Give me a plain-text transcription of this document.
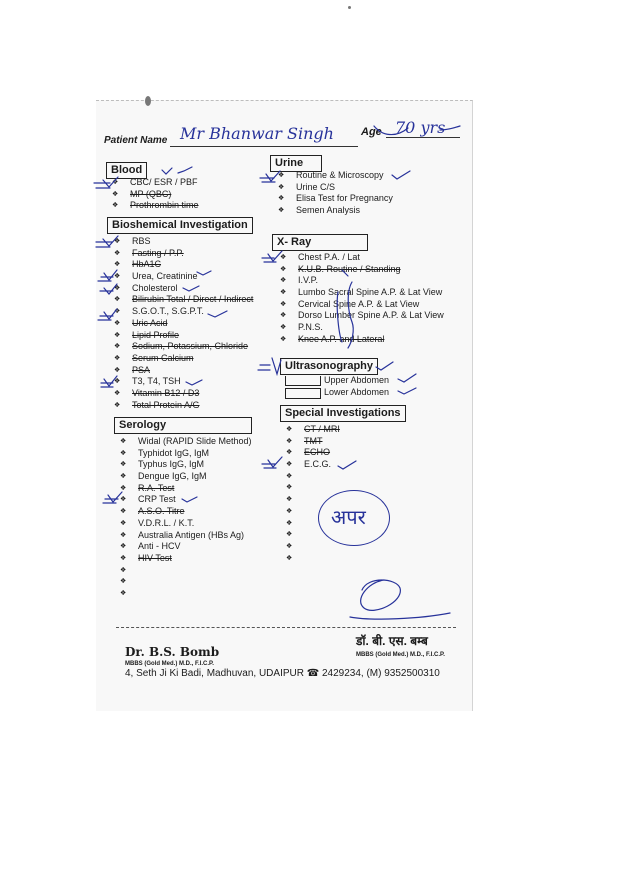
Patient Name Mr Bhanwar Singh Age 70 yrs
Blood
❖ CBC/ ESR / PBF
❖ MP (QBC)
❖ Prothrombin time
Bioshemical Investigation
❖ RBS
❖ Fasting / P.P.
❖ HbA1C
❖ Urea, Creatinine
❖ Cholesterol
❖ Bilirubin Total / Direct / Indirect
❖ S.G.O.T., S.G.P.T.
❖ Uric Acid
❖ Lipid Profile
❖ Sodium, Potassium, Chloride
❖ Serum Calcium
❖ PSA
❖ T3, T4, TSH
❖ Vitamin B12 / D3
❖ Total Protein A/G
Serology
❖ Widal (RAPID Slide Method)
❖ Typhidot IgG, IgM
❖ Typhus IgG, IgM
❖ Dengue IgG, IgM
❖ R.A. Test
❖ CRP Test
❖ A.S.O. Titre
❖ V.D.R.L. / K.T.
❖ Australia Antigen (HBs Ag)
❖ Anti - HCV
❖ HIV Test
❖
❖
❖
Urine
❖ Routine & Microscopy
❖ Urine C/S
❖ Elisa Test for Pregnancy
❖ Semen Analysis
X- Ray
❖ Chest P.A. / Lat
❖ K.U.B. Routine / Standing
❖ I.V.P.
❖ Lumbo Sacral Spine A.P. & Lat View
❖ Cervical Spine A.P. & Lat View
❖ Dorso Lumber Spine A.P. & Lat View
❖ P.N.S.
❖ Knee A.P. and Lateral
Ultrasonography
Upper Abdomen
Lower Abdomen
Special Investigations
❖ CT / MRI
❖ TMT
❖ ECHO
❖ E.C.G.
❖
❖
❖
❖
❖
❖
❖
❖
अपर
Dr. B.S. Bomb
MBBS (Gold Med.) M.D., F.I.C.P.
डॉ. बी. एस. बम्ब
MBBS (Gold Med.) M.D., F.I.C.P.
4, Seth Ji Ki Badi, Madhuvan, UDAIPUR ☎ 2429234, (M) 9352500310
